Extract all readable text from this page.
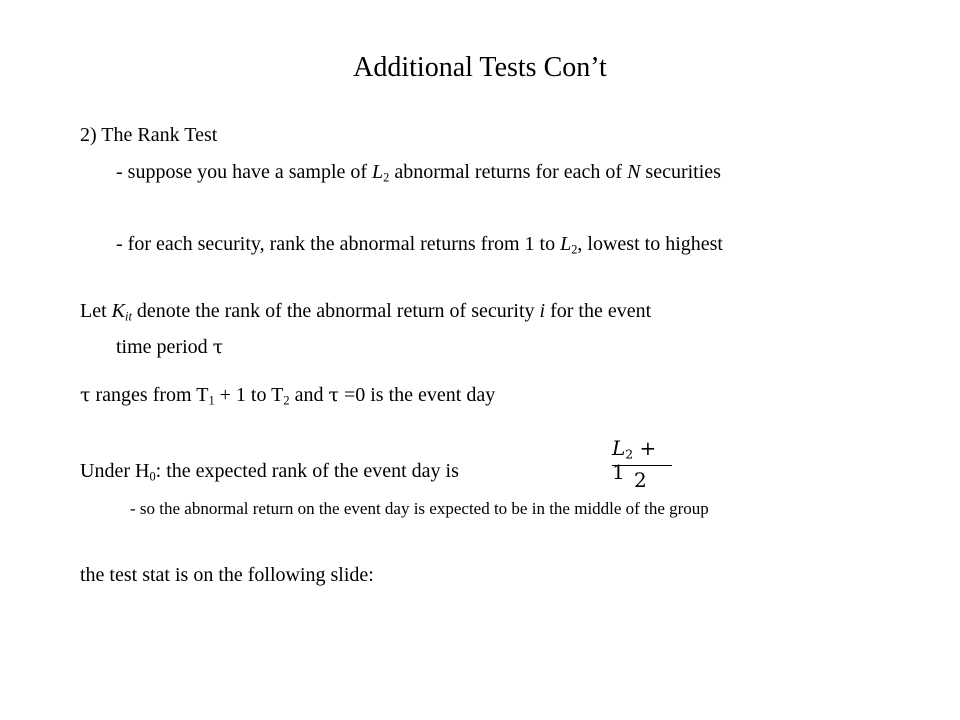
Additional Tests Con’t
2) The Rank Test
- suppose you have a sample of $L_2$ abnormal returns for each of N securities
- for each security, rank the abnormal returns from 1 to $L_2$, lowest to highest
Let $K_{it}$ denote the rank of the abnormal return of security i for the event
time period τ
τ ranges from $T_1 + 1$ to $T_2$ and τ =0 is the event day
Under $H_0$: the expected rank of the event day is
$L_2 + 1$ 2
- so the abnormal return on the event day is expected to be in the middle of the group
the test stat is on the following slide:
